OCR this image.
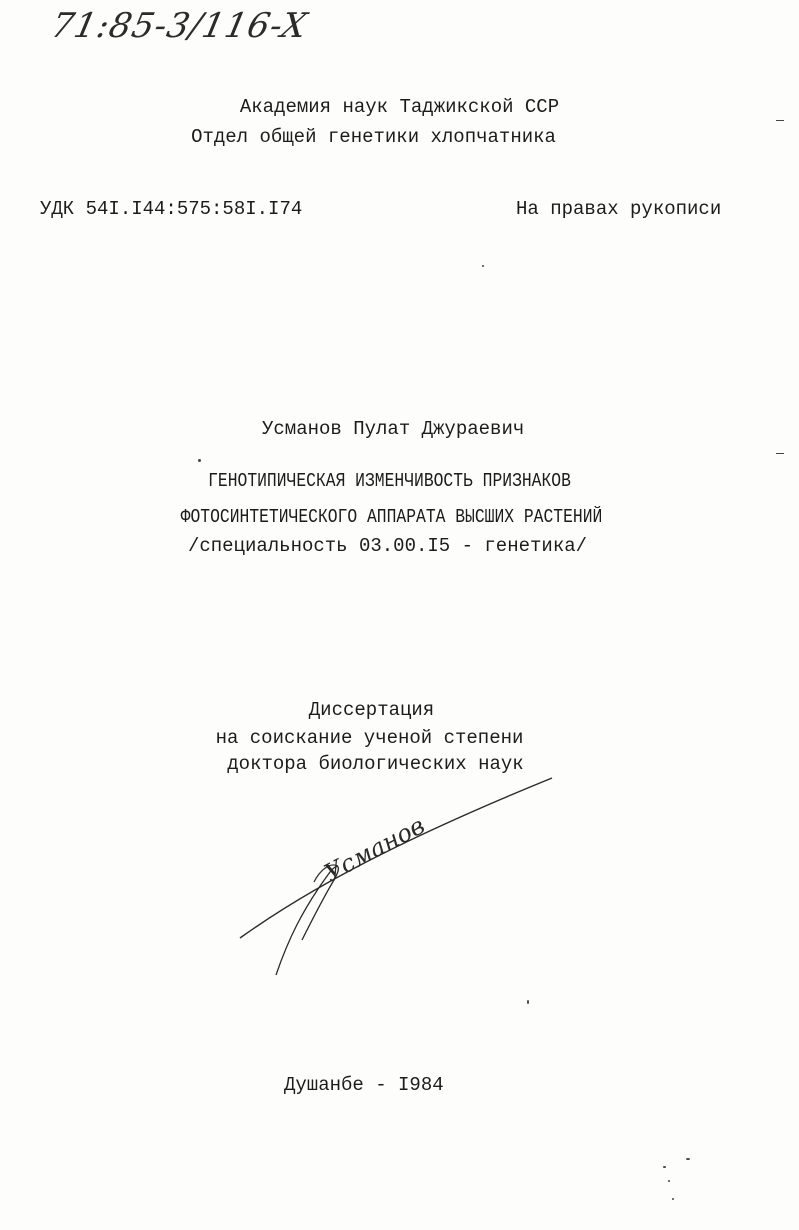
71:85-3/116-X
Академия наук Таджикской ССР
Отдел общей генетики хлопчатника
УДК 54I.I44:575:58I.I74	На правах рукописи
Усманов Пулат Джураевич
ГЕНОТИПИЧЕСКАЯ ИЗМЕНЧИВОСТЬ ПРИЗНАКОВ
ФОТОСИНТЕТИЧЕСКОГО АППАРАТА ВЫСШИХ РАСТЕНИЙ
/специальность 03.00.I5 - генетика/
Диссертация
на соискание ученой степени
доктора биологических наук
Усманов
Душанбе - I984
